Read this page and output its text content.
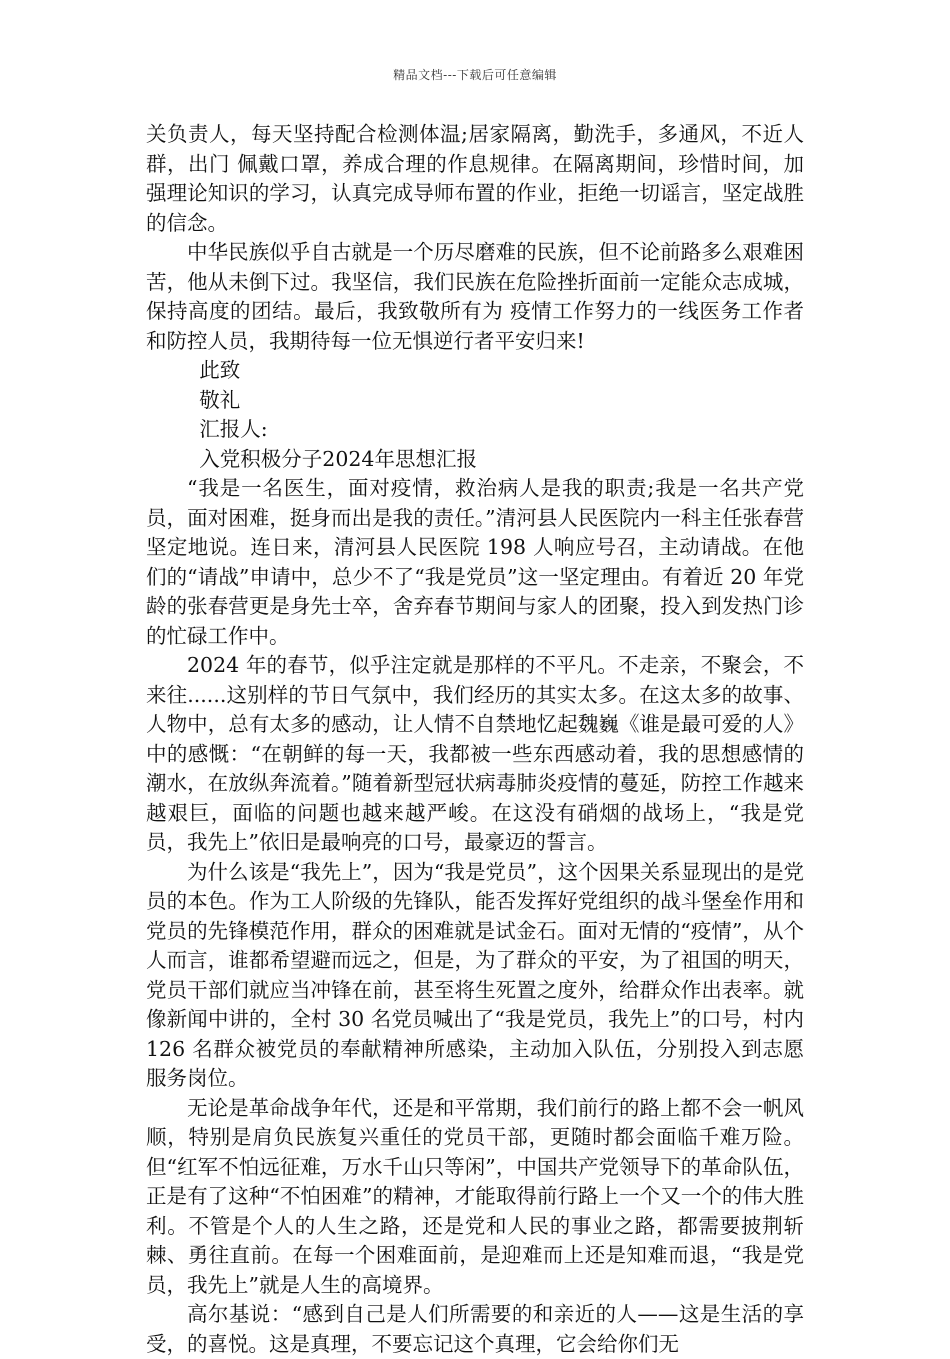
精品文档---下载后可任意编辑

关负责人，每天坚持配合检测体温;居家隔离，勤洗手，多通风，不近人群，出门 佩戴口罩，养成合理的作息规律。在隔离期间，珍惜时间，加强理论知识的学习，认真完成导师布置的作业，拒绝一切谣言，坚定战胜的信念。

中华民族似乎自古就是一个历尽磨难的民族，但不论前路多么艰难困苦，他从未倒下过。我坚信，我们民族在危险挫折面前一定能众志成城，保持高度的团结。最后，我致敬所有为 疫情工作努力的一线医务工作者和防控人员，我期待每一位无惧逆行者平安归来!

此致

敬礼

汇报人:

入党积极分子2024年思想汇报

“我是一名医生，面对疫情，救治病人是我的职责;我是一名共产党员，面对困难，挺身而出是我的责任。”清河县人民医院内一科主任张春营坚定地说。连日来，清河县人民医院 198 人响应号召，主动请战。在他们的“请战”申请中，总少不了“我是党员”这一坚定理由。有着近 20 年党龄的张春营更是身先士卒，舍弃春节期间与家人的团聚，投入到发热门诊的忙碌工作中。

2024 年的春节，似乎注定就是那样的不平凡。不走亲，不聚会，不来往......这别样的节日气氛中，我们经历的其实太多。在这太多的故事、人物中，总有太多的感动，让人情不自禁地忆起魏巍《谁是最可爱的人》中的感慨：“在朝鲜的每一天，我都被一些东西感动着，我的思想感情的潮水，在放纵奔流着。”随着新型冠状病毒肺炎疫情的蔓延，防控工作越来越艰巨，面临的问题也越来越严峻。在这没有硝烟的战场上，“我是党员，我先上”依旧是最响亮的口号，最豪迈的誓言。

为什么该是“我先上”，因为“我是党员”，这个因果关系显现出的是党员的本色。作为工人阶级的先锋队，能否发挥好党组织的战斗堡垒作用和党员的先锋模范作用，群众的困难就是试金石。面对无情的“疫情”，从个人而言，谁都希望避而远之，但是，为了群众的平安，为了祖国的明天，党员干部们就应当冲锋在前，甚至将生死置之度外，给群众作出表率。就像新闻中讲的，全村 30 名党员喊出了“我是党员，我先上”的口号，村内 126 名群众被党员的奉献精神所感染，主动加入队伍，分别投入到志愿服务岗位。

无论是革命战争年代，还是和平常期，我们前行的路上都不会一帆风顺，特别是肩负民族复兴重任的党员干部，更随时都会面临千难万险。但“红军不怕远征难，万水千山只等闲”，中国共产党领导下的革命队伍，正是有了这种“不怕困难”的精神，才能取得前行路上一个又一个的伟大胜利。不管是个人的人生之路，还是党和人民的事业之路，都需要披荆斩棘、勇往直前。在每一个困难面前，是迎难而上还是知难而退，“我是党员，我先上”就是人生的高境界。

高尔基说：“感到自己是人们所需要的和亲近的人——这是生活的享受，的喜悦。这是真理，不要忘记这个真理，它会给你们无
